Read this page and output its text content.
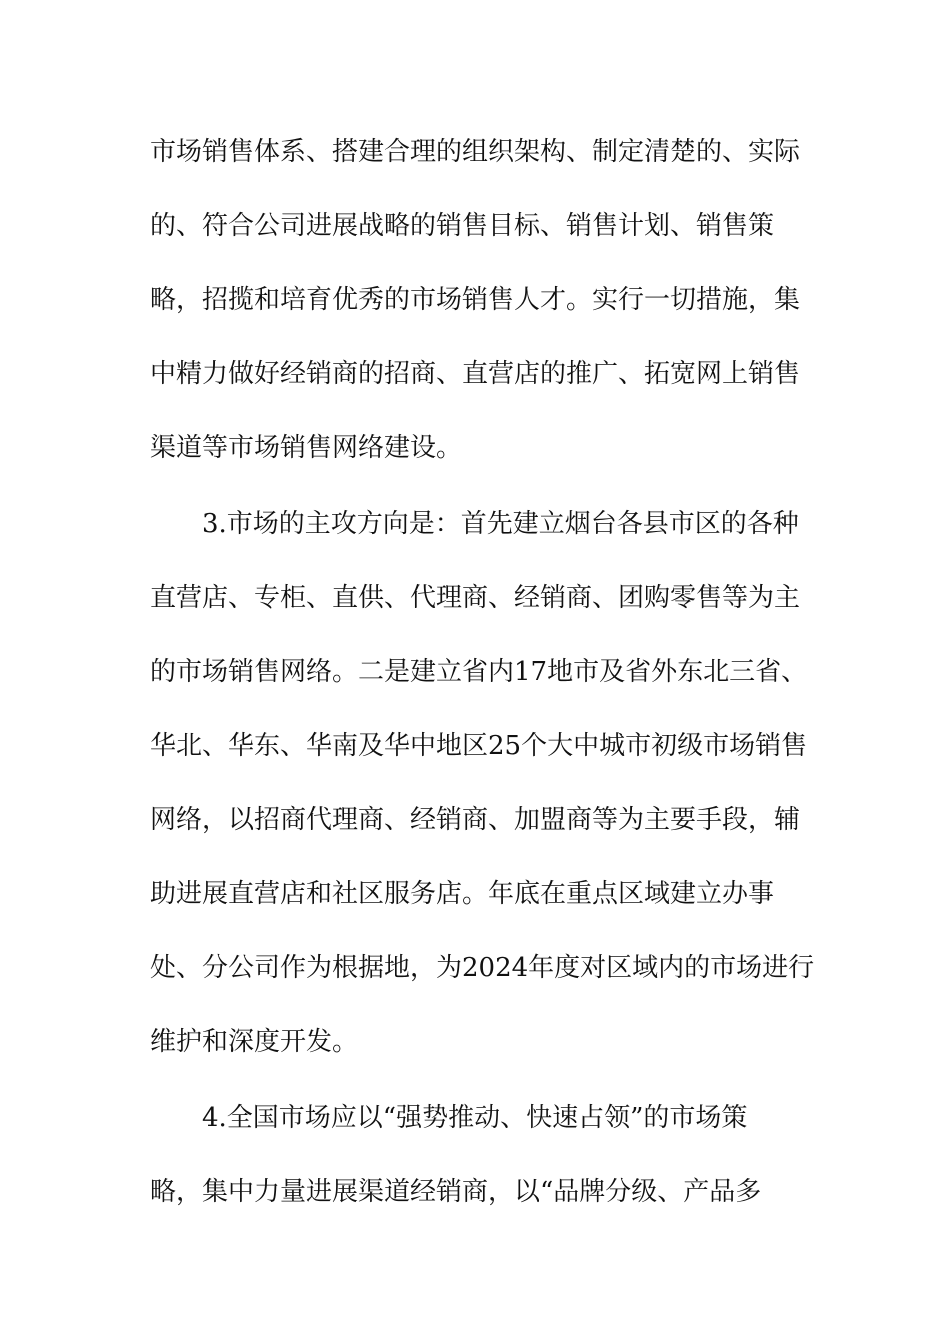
市场销售体系、搭建合理的组织架构、制定清楚的、实际
的、符合公司进展战略的销售目标、销售计划、销售策
略，招揽和培育优秀的市场销售人才。实行一切措施，集
中精力做好经销商的招商、直营店的推广、拓宽网上销售
渠道等市场销售网络建设。
3.市场的主攻方向是：首先建立烟台各县市区的各种
直营店、专柜、直供、代理商、经销商、团购零售等为主
的市场销售网络。二是建立省内17地市及省外东北三省、
华北、华东、华南及华中地区25个大中城市初级市场销售
网络，以招商代理商、经销商、加盟商等为主要手段，辅
助进展直营店和社区服务店。年底在重点区域建立办事
处、分公司作为根据地，为2024年度对区域内的市场进行
维护和深度开发。
4.全国市场应以“强势推动、快速占领”的市场策
略，集中力量进展渠道经销商，以“品牌分级、产品多
